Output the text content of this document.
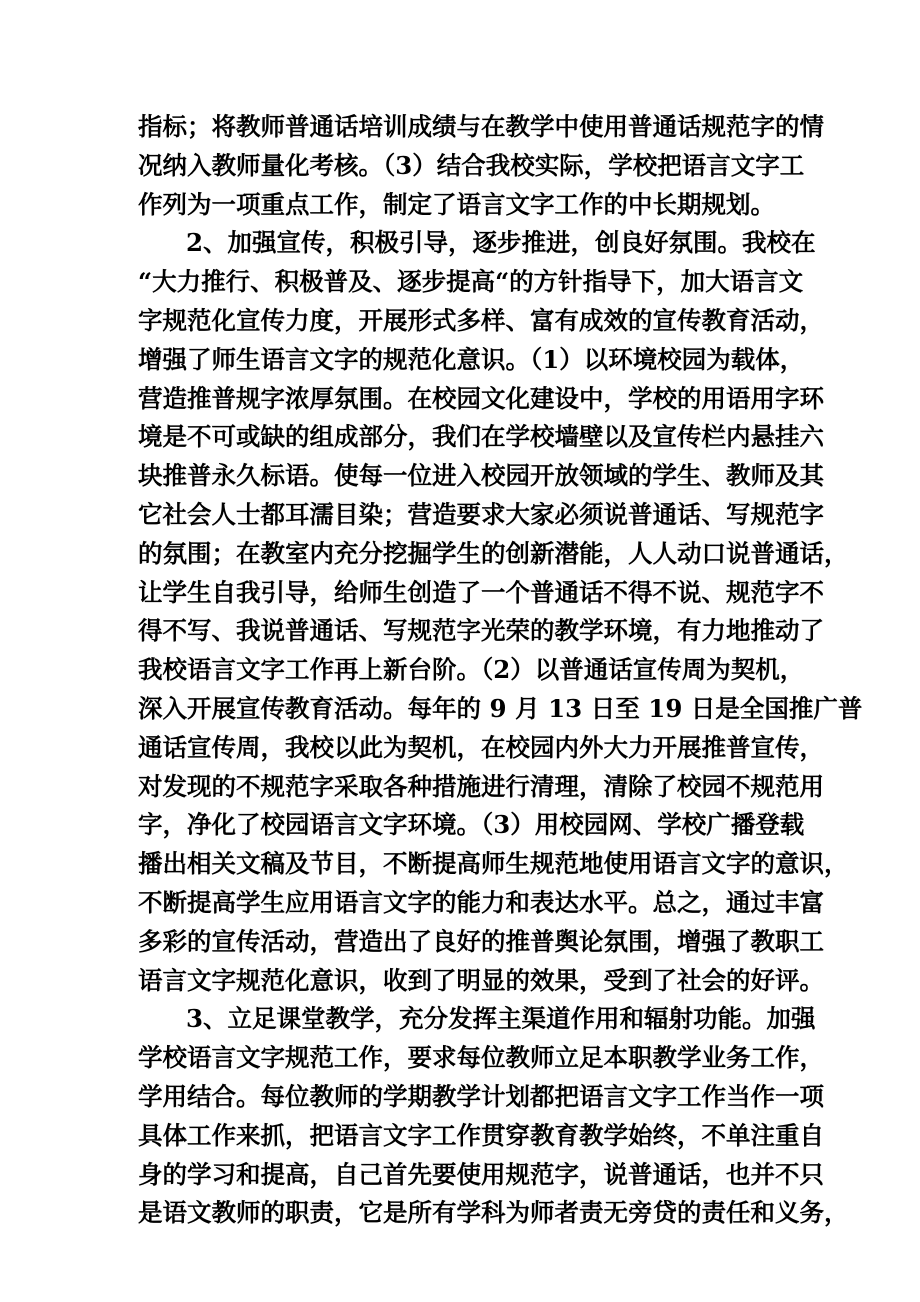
指标；将教师普通话培训成绩与在教学中使用普通话规范字的情
况纳入教师量化考核。（3）结合我校实际，学校把语言文字工
作列为一项重点工作，制定了语言文字工作的中长期规划。
2、加强宣传，积极引导，逐步推进，创良好氛围。我校在
“大力推行、积极普及、逐步提高“的方针指导下，加大语言文
字规范化宣传力度，开展形式多样、富有成效的宣传教育活动，
增强了师生语言文字的规范化意识。（1）以环境校园为载体，
营造推普规字浓厚氛围。在校园文化建设中，学校的用语用字环
境是不可或缺的组成部分，我们在学校墙壁以及宣传栏内悬挂六
块推普永久标语。使每一位进入校园开放领域的学生、教师及其
它社会人士都耳濡目染；营造要求大家必须说普通话、写规范字
的氛围；在教室内充分挖掘学生的创新潜能，人人动口说普通话，
让学生自我引导，给师生创造了一个普通话不得不说、规范字不
得不写、我说普通话、写规范字光荣的教学环境，有力地推动了
我校语言文字工作再上新台阶。（2）以普通话宣传周为契机，
深入开展宣传教育活动。每年的 9 月 13 日至 19 日是全国推广普
通话宣传周，我校以此为契机，在校园内外大力开展推普宣传，
对发现的不规范字采取各种措施进行清理，清除了校园不规范用
字，净化了校园语言文字环境。（3）用校园网、学校广播登载
播出相关文稿及节目，不断提高师生规范地使用语言文字的意识，
不断提高学生应用语言文字的能力和表达水平。总之，通过丰富
多彩的宣传活动，营造出了良好的推普舆论氛围，增强了教职工
语言文字规范化意识，收到了明显的效果，受到了社会的好评。
3、立足课堂教学，充分发挥主渠道作用和辐射功能。加强
学校语言文字规范工作，要求每位教师立足本职教学业务工作，
学用结合。每位教师的学期教学计划都把语言文字工作当作一项
具体工作来抓，把语言文字工作贯穿教育教学始终，不单注重自
身的学习和提高，自己首先要使用规范字，说普通话，也并不只
是语文教师的职责，它是所有学科为师者责无旁贷的责任和义务，
